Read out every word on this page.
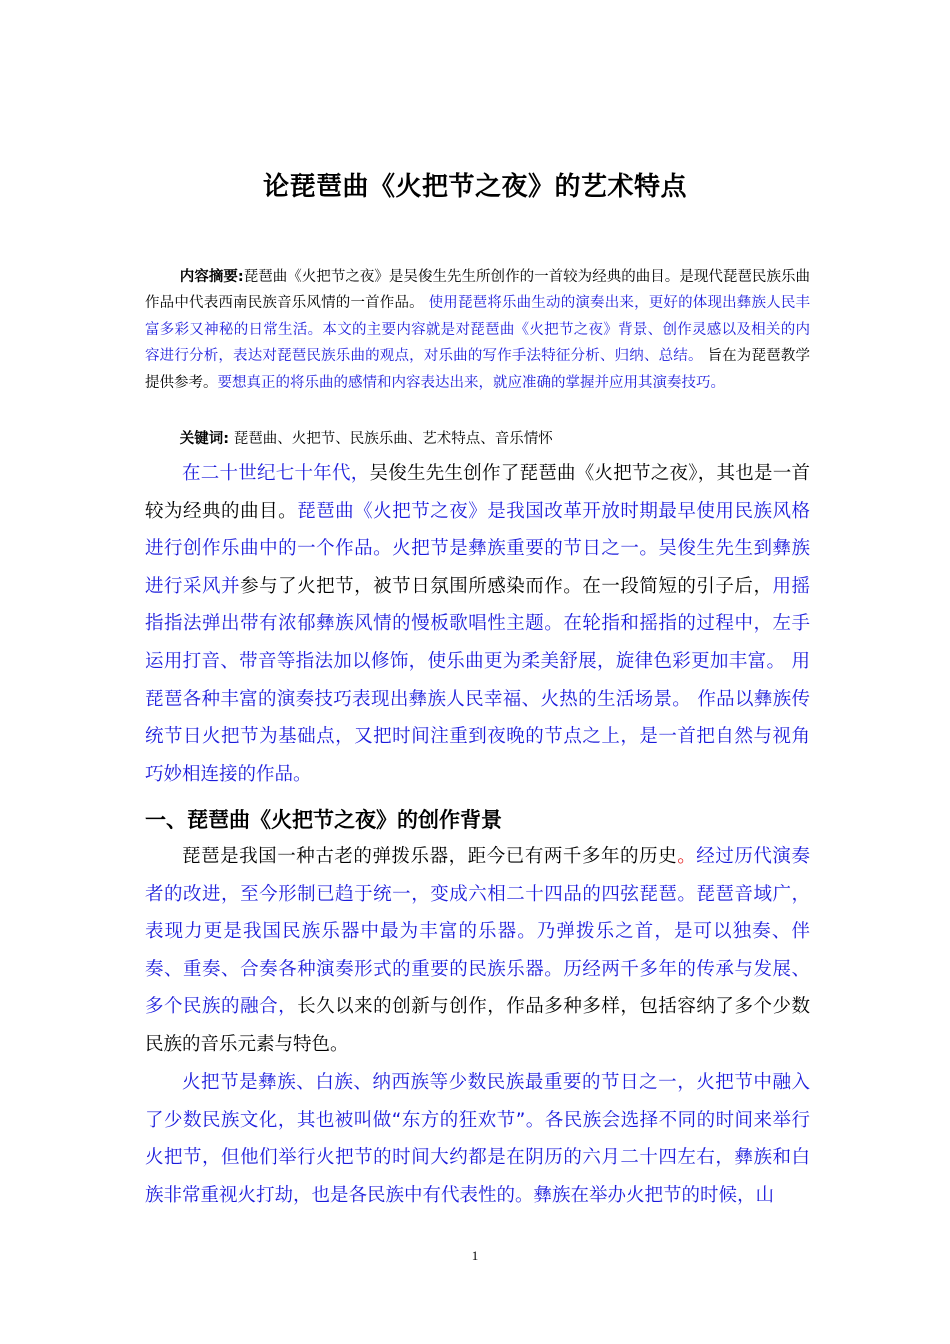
论琵琶曲《火把节之夜》的艺术特点
内容摘要:琵琶曲《火把节之夜》是吴俊生先生所创作的一首较为经典的曲目。是现代琵琶民族乐曲作品中代表西南民族音乐风情的一首作品。 使用琵琶将乐曲生动的演奏出来，更好的体现出彝族人民丰富多彩又神秘的日常生活。本文的主要内容就是对琵琶曲《火把节之夜》背景、创作灵感以及相关的内容进行分析，表达对琵琶民族乐曲的观点，对乐曲的写作手法特征分析、归纳、总结。 旨在为琵琶教学提供参考。要想真正的将乐曲的感情和内容表达出来，就应准确的掌握并应用其演奏技巧。
关键词: 琵琶曲、火把节、民族乐曲、艺术特点、音乐情怀

在二十世纪七十年代，吴俊生先生创作了琵琶曲《火把节之夜》，其也是一首较为经典的曲目。琵琶曲《火把节之夜》是我国改革开放时期最早使用民族风格进行创作乐曲中的一个作品。火把节是彝族重要的节日之一。吴俊生先生到彝族进行采风并参与了火把节，被节日氛围所感染而作。在一段简短的引子后，用摇指指法弹出带有浓郁彝族风情的慢板歌唱性主题。在轮指和摇指的过程中，左手运用打音、带音等指法加以修饰，使乐曲更为柔美舒展，旋律色彩更加丰富。 用琵琶各种丰富的演奏技巧表现出彝族人民幸福、火热的生活场景。 作品以彝族传统节日火把节为基础点，又把时间注重到夜晚的节点之上，是一首把自然与视角巧妙相连接的作品。

一、琵琶曲《火把节之夜》的创作背景

琵琶是我国一种古老的弹拨乐器，距今已有两千多年的历史。经过历代演奏者的改进，至今形制已趋于统一，变成六相二十四品的四弦琵琶。琵琶音域广，表现力更是我国民族乐器中最为丰富的乐器。乃弹拨乐之首，是可以独奏、伴奏、重奏、合奏各种演奏形式的重要的民族乐器。历经两千多年的传承与发展、多个民族的融合，长久以来的创新与创作，作品多种多样，包括容纳了多个少数民族的音乐元素与特色。

火把节是彝族、白族、纳西族等少数民族最重要的节日之一，火把节中融入了少数民族文化，其也被叫做“东方的狂欢节”。各民族会选择不同的时间来举行火把节，但他们举行火把节的时间大约都是在阴历的六月二十四左右，彝族和白族非常重视火打劫，也是各民族中有代表性的。彝族在举办火把节的时候，山

1
